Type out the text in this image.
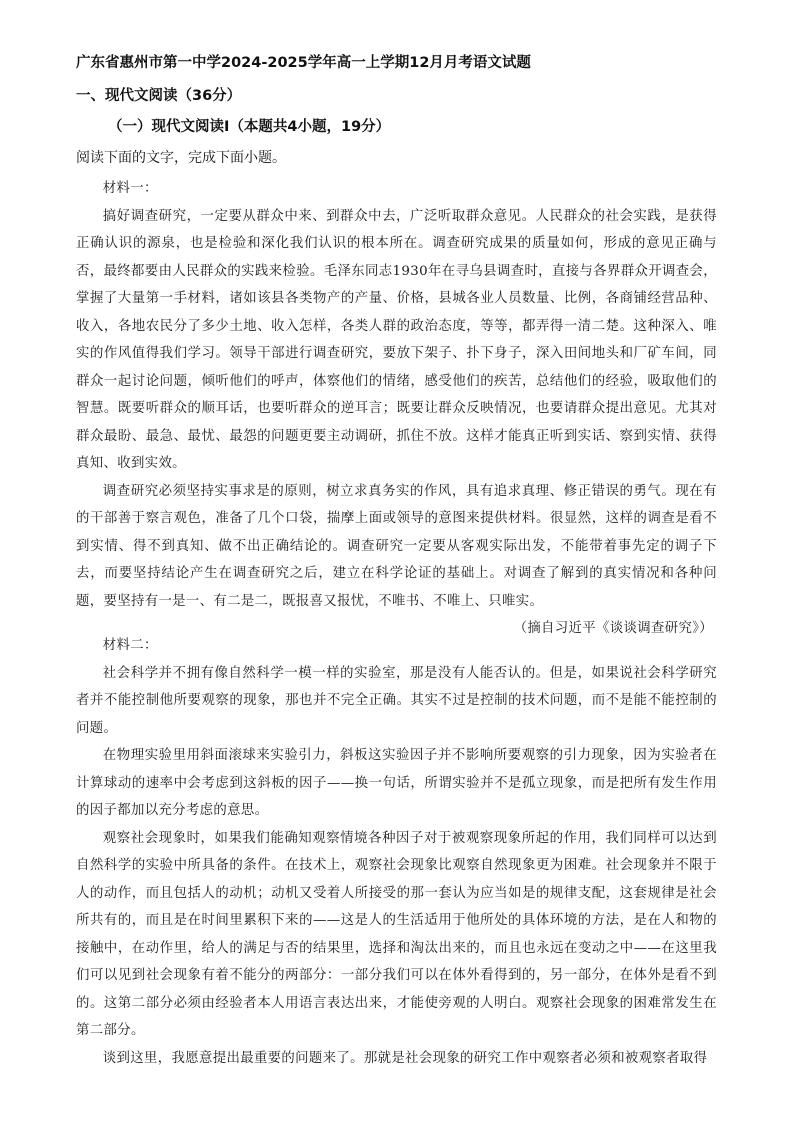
广东省惠州市第一中学2024-2025学年高一上学期12月月考语文试题
一、现代文阅读（36分）
（一）现代文阅读Ⅰ（本题共4小题，19分）
阅读下面的文字，完成下面小题。

材料一：

搞好调查研究，一定要从群众中来、到群众中去，广泛听取群众意见。人民群众的社会实践，是获得正确认识的源泉，也是检验和深化我们认识的根本所在。调查研究成果的质量如何，形成的意见正确与否，最终都要由人民群众的实践来检验。毛泽东同志1930年在寻乌县调查时，直接与各界群众开调查会，掌握了大量第一手材料，诸如该县各类物产的产量、价格，县城各业人员数量、比例，各商铺经营品种、收入，各地农民分了多少土地、收入怎样，各类人群的政治态度，等等，都弄得一清二楚。这种深入、唯实的作风值得我们学习。领导干部进行调查研究，要放下架子、扑下身子，深入田间地头和厂矿车间，同群众一起讨论问题，倾听他们的呼声，体察他们的情绪，感受他们的疾苦，总结他们的经验，吸取他们的智慧。既要听群众的顺耳话，也要听群众的逆耳言；既要让群众反映情况，也要请群众提出意见。尤其对群众最盼、最急、最忧、最怨的问题更要主动调研，抓住不放。这样才能真正听到实话、察到实情、获得真知、收到实效。

调查研究必须坚持实事求是的原则，树立求真务实的作风，具有追求真理、修正错误的勇气。现在有的干部善于察言观色，准备了几个口袋，揣摩上面或领导的意图来提供材料。很显然，这样的调查是看不到实情、得不到真知、做不出正确结论的。调查研究一定要从客观实际出发，不能带着事先定的调子下去，而要坚持结论产生在调查研究之后，建立在科学论证的基础上。对调查了解到的真实情况和各种问题，要坚持有一是一、有二是二，既报喜又报忧，不唯书、不唯上、只唯实。

（摘自习近平《谈谈调查研究》）

材料二：

社会科学并不拥有像自然科学一模一样的实验室，那是没有人能否认的。但是，如果说社会科学研究者并不能控制他所要观察的现象，那也并不完全正确。其实不过是控制的技术问题，而不是能不能控制的问题。

在物理实验里用斜面滚球来实验引力，斜板这实验因子并不影响所要观察的引力现象，因为实验者在计算球动的速率中会考虑到这斜板的因子——换一句话，所谓实验并不是孤立现象，而是把所有发生作用的因子都加以充分考虑的意思。

观察社会现象时，如果我们能确知观察情境各种因子对于被观察现象所起的作用，我们同样可以达到自然科学的实验中所具备的条件。在技术上，观察社会现象比观察自然现象更为困难。社会现象并不限于人的动作，而且包括人的动机；动机又受着人所接受的那一套认为应当如是的规律支配，这套规律是社会所共有的，而且是在时间里累积下来的——这是人的生活适用于他所处的具体环境的方法，是在人和物的接触中，在动作里，给人的满足与否的结果里，选择和淘汰出来的，而且也永远在变动之中——在这里我们可以见到社会现象有着不能分的两部分：一部分我们可以在体外看得到的，另一部分，在体外是看不到的。这第二部分必须由经验者本人用语言表达出来，才能使旁观的人明白。观察社会现象的困难常发生在第二部分。

谈到这里，我愿意提出最重要的问题来了。那就是社会现象的研究工作中观察者必须和被观察者取得
